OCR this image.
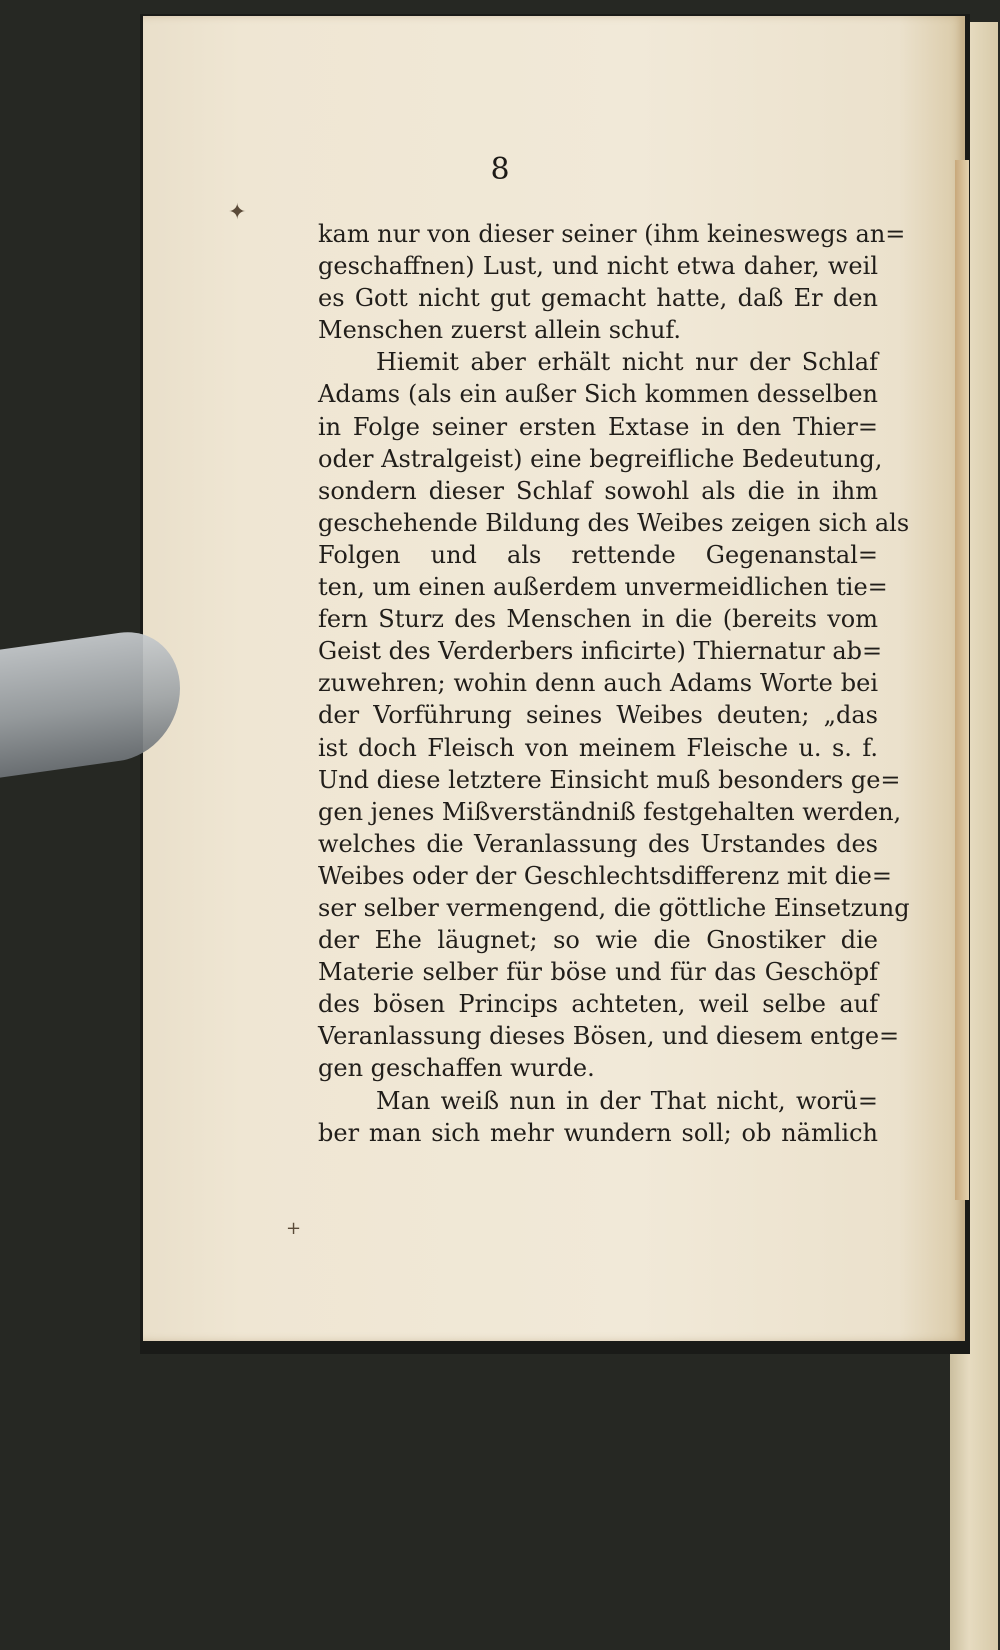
✦
+
8
kam nur von dieser seiner (ihm keineswegs an=
geschaffnen) Lust, und nicht etwa daher, weil
es Gott nicht gut gemacht hatte, daß Er den
Menschen zuerst allein schuf.
Hiemit aber erhält nicht nur der Schlaf
Adams (als ein außer Sich kommen desselben
in Folge seiner ersten Extase in den Thier=
oder Astralgeist) eine begreifliche Bedeutung,
sondern dieser Schlaf sowohl als die in ihm
geschehende Bildung des Weibes zeigen sich als
Folgen und als rettende Gegenanstal=
ten, um einen außerdem unvermeidlichen tie=
fern Sturz des Menschen in die (bereits vom
Geist des Verderbers inficirte) Thiernatur ab=
zuwehren; wohin denn auch Adams Worte bei
der Vorführung seines Weibes deuten; „das
ist doch Fleisch von meinem Fleische u. s. f.
Und diese letztere Einsicht muß besonders ge=
gen jenes Mißverständniß festgehalten werden,
welches die Veranlassung des Urstandes des
Weibes oder der Geschlechtsdifferenz mit die=
ser selber vermengend, die göttliche Einsetzung
der Ehe läugnet; so wie die Gnostiker die
Materie selber für böse und für das Geschöpf
des bösen Princips achteten, weil selbe auf
Veranlassung dieses Bösen, und diesem entge=
gen geschaffen wurde.
Man weiß nun in der That nicht, worü=
ber man sich mehr wundern soll; ob nämlich
